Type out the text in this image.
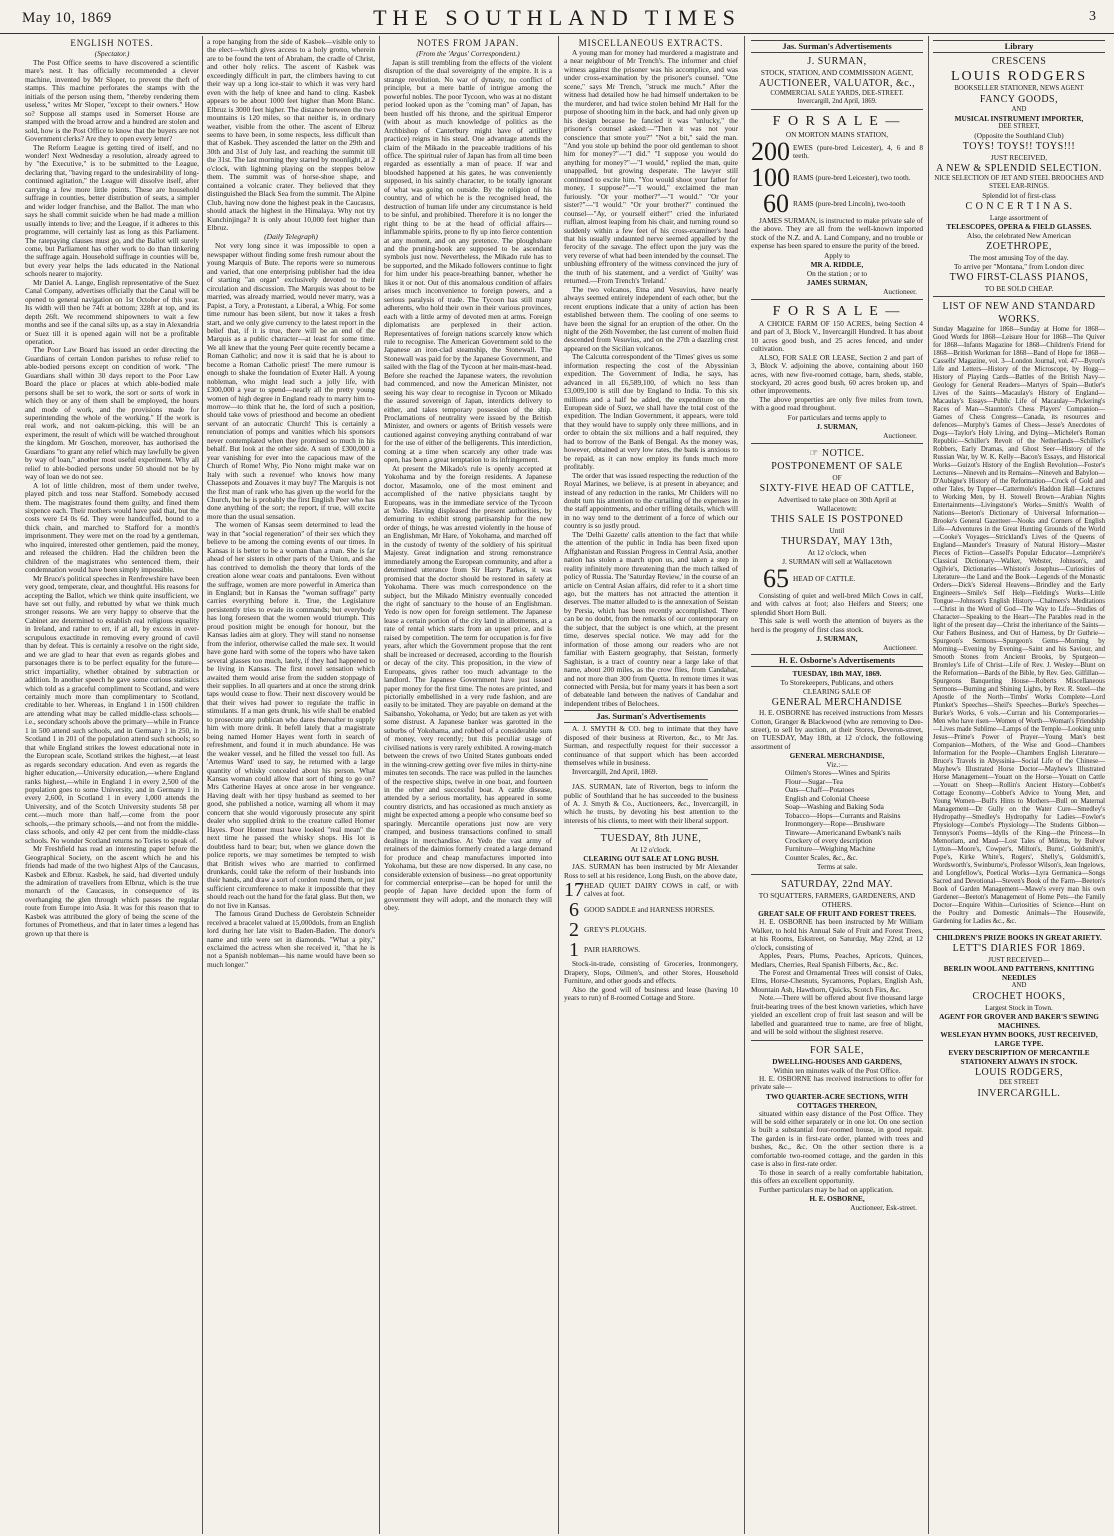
May 10, 1869	THE SOUTHLAND TIMES	3
ENGLISH NOTES.
(Spectator.)

The Post Office seems to have discovered a scientific mare's nest. It has officially recommended a clever machine, invented by Mr Sloper, to prevent the theft of stamps. This machine perforates the stamps with the initials of the person using them, "thereby rendering them useless," writes Mr Sloper, "except to their owners." How so? Suppose all stamps used in Somerset House are stamped with the broad arrow and a hundred are stolen and sold, how is the Post Office to know that the buyers are not Government clerks? Are they to open every letter?

The Reform League is getting tired of itself, and no wonder! Next Wednesday a resolution, already agreed to by "the Executive," is to be submitted to the League, declaring that, "having regard to the undesirability of long-continued agitation," the League will dissolve itself, after carrying a few more little points. These are household suffrage in counties, better distribution of seats, a simpler and wider lodger franchise, and the Ballot. The man who says he shall commit suicide when he had made a million usually intends to live; and the League, if it adheres to this programme, will certainly last as long as this Parliament. The ratepaying clauses must go, and the Ballot will surely come, but Parliament has other work to do than tinkering the suffrage again. Household suffrage in counties will be, but every year helps the lads educated in the National schools nearer to majority.

Mr Daniel A. Lange, English representative of the Suez Canal Company, advertises officially that the Canal will be opened to general navigation on 1st October of this year. Its width will then be 74ft at bottom; 328ft at top, and its depth 26ft. We recommend shipowners to wait a few months and see if the canal silts up, as a stay in Alexandria or Suez till it is opened again will not be a profitable operation.

The Poor Law Board has issued an order directing the Guardians of certain London parishes to refuse relief to able-bodied persons except on condition of work. "The Guardians shall within 30 days report to the Poor Law Board the place or places at which able-bodied male persons shall be set to work, the sort or sorts of work in which they or any of them shall be employed, the hours and mode of work, and the provisions made for superintending the whole of the working." If the work is real work, and not oakum-picking, this will be an experiment, the result of which will be watched throughout the kingdom. Mr Goschen, moreover, has authorised the Guardians "to grant any relief which may lawfully be given by way of loan," another most useful experiment. Why all relief to able-bodied persons under 50 should not be by way of loan we do not see.

A lot of little children, most of them under twelve, played pitch and toss near Stafford. Somebody accused them. The magistrates found them guilty, and fined them sixpence each. Their mothers would have paid that, but the costs were £4 0s 6d. They were handcuffed, bound to a thick chain, and marched to Stafford for a month's imprisonment. They were met on the road by a gentleman, who inquired, interested other gentlemen, paid the money, and released the children. Had the children been the children of the magistrates who sentenced them, their condemnation would have been simply impossible.

Mr Bruce's political speeches in Renfrewshire have been very good, temperate, clear, and thoughtful. His reasons for accepting the Ballot, which we think quite insufficient, we have set out fully, and rebutted by what we think much stronger reasons. We are very happy to observe that the Cabinet are determined to establish real religious equality in Ireland, and rather to err, if at all, by excess in over-scrupulous exactitude in removing every ground of cavil than by defeat. This is certainly a resolve on the right side, and we are glad to hear that even as regards globes and parsonages there is to be perfect equality for the future—strict impartiality, whether obtained by subtraction or addition. In another speech he gave some curious statistics which told as a graceful compliment to Scotland, and were certainly much more than complimentary to Scotland, creditable to her. Whereas, in England 1 in 1500 children are attending what may be called middle-class schools—i.e., secondary schools above the primary—while in France 1 in 500 attend such schools, and in Germany 1 in 250, in Scotland 1 in 201 of the population attend such schools; so that while England strikes the lowest educational note in the European scale, Scotland strikes the highest,—at least as regards secondary education. And even as regards the higher education,—University education,—where England ranks highest,—while in England 1 in every 2,500 of the population goes to some University, and in Germany 1 in every 2,600, in Scotland 1 in every 1,000 attends the University, and of the Scotch University students 58 per cent.—much more than half,—come from the poor schools,—the primary schools,—and not from the middle-class schools, and only 42 per cent from the middle-class schools. No wonder Scotland returns no Tories to speak of.

Mr Freshfield has read an interesting paper before the Geographical Society, on the ascent which he and his friends had made of the two highest Alps of the Caucasus, Kasbek and Elbruz. Kasbek, he said, had diverted unduly the admiration of travellers from Elbruz, which is the true monarch of the Caucasus, in consequence of its overhanging the glen through which passes the regular route from Europe into Asia. It was for this reason that to Kasbek was attributed the glory of being the scene of the fortunes of Prometheus, and that in later times a legend has grown up that there is

a rope hanging from the side of Kasbek—visible only to the elect—which gives access to a holy grotto, wherein are to be found the tent of Abraham, the cradle of Christ, and other holy relics. The ascent of Kasbek was exceedingly difficult in part, the climbers having to cut their way up a long ice-stair to which it was very hard even with the help of knee and hand to cling. Kasbek appears to be about 1000 feet higher than Mont Blanc. Elbruz is 3000 feet higher. The distance between the two mountains is 120 miles, so that neither is, in ordinary weather, visible from the other. The ascent of Elbruz seems to have been, in some respects, less difficult than that of Kasbek. They ascended the latter on the 29th and 30th and 31st of July last, and reaching the summit till the 31st. The last morning they started by moonlight, at 2 o'clock, with lightning playing on the steppes below them. The summit was of horse-shoe shape, and contained a volcanic crater. They believed that they distinguished the Black Sea from the summit. The Alpine Club, having now done the highest peak in the Caucasus, should attack the highest in the Himalaya. Why not try Kunchinjinga? It is only about 10,000 feet higher than Elbruz.

(Daily Telegraph)

Not very long since it was impossible to open a newspaper without finding some fresh rumour about the young Marquis of Bute. The reports were so numerous and varied, that one enterprising publisher had the idea of starting "an organ" exclusively devoted to their circulation and discussion. The Marquis was about to be married, was already married, would never marry, was a Papist, a Tory, a Protestant, a Liberal, a Whig. For some time rumour has been silent, but now it takes a fresh start, and we only give currency to the latest report in the belief that, if it is true, there will be an end of the Marquis as a public character—at least for some time. We all knew that the young Peer quite recently became a Roman Catholic; and now it is said that he is about to become a Roman Catholic priest! The mere rumour is enough to shake the foundation of Exeter Hall. A young nobleman, who might lead such a jolly life, with £300,000 a year to spend—nearly all the pretty young women of high degree in England ready to marry him to-morrow—to think that he, the lord of such a position, should take vows of priesthood and become an obedient servant of an autocratic Church! This is certainly a renunciation of pomps and vanities which his sponsors never contemplated when they promised so much in his behalf. But look at the other side. A sum of £300,000 a year vanishing for ever into the capacious maw of the Church of Rome! Why, Pio Nono might make war on Italy with such a revenue! who knows how many Chassepots and Zouaves it may buy? The Marquis is not the first man of rank who has given up the world for the Church, but he is probably the first English Peer who has done anything of the sort; the report, if true, will excite more than the usual sensation.

The women of Kansas seem determined to lead the way in that "social regeneration" of their sex which they believe to be among the coming events of our times. In Kansas it is better to be a woman than a man. She is far ahead of her sisters in other parts of the Union, and she has contrived to demolish the theory that lords of the creation alone wear coats and pantaloons. Even without the suffrage, women are more powerful in America than in England; but in Kansas the "woman suffrage" party carries everything before it. True, the Legislature persistently tries to evade its commands; but everybody has long foreseen that the women would triumph. This proud position might be enough for honour, but the Kansas ladies aim at glory. They will stand no nonsense from the inferior, otherwise called the male sex. It would have gone hard with some of the topers who have taken several glasses too much, lately, if they had happened to be living in Kansas. The first novel sensation which awaited them would arise from the sudden stoppage of their supplies. In all quarters and at once the strong drink taps would cease to flow. Their next discovery would be that their wives had power to regulate the traffic in stimulants. If a man gets drunk, his wife shall be enabled to prosecute any publican who dares thereafter to supply him with more drink. It befell lately that a magistrate being named Homer Hayes went forth in search of refreshment, and found it in much abundance. He was the weaker vessel, and he filled the vessel too full. As 'Artemus Ward' used to say, he returned with a large quantity of whisky concealed about his person. What Kansas woman could allow that sort of thing to go on? Mrs Catherine Hayes at once arose in her vengeance. Having dealt with her tipsy husband as seemed to her good, she published a notice, warning all whom it may concern that she would vigorously prosecute any spirit dealer who supplied drink to the creature called Homer Hayes. Poor Homer must have looked "real mean" the next time he passed the whisky shops. His lot is doubtless hard to bear; but, when we glance down the police reports, we may sometimes be tempted to wish that British wives who are married to confirmed drunkards, could take the reform of their husbands into their hands, and draw a sort of cordon round them, or just sufficient circumference to make it impossible that they should reach out the hand for the fatal glass. But then, we do not live in Kansas.

The famous Grand Duchess de Gerolstein Schneider received a bracelet valued at 15,000dols, from an English lord during her late visit to Baden-Baden. The donor's name and title were set in diamonds. "What a pity," exclaimed the actress when she received it, "that he is not a Spanish nobleman—his name would have been so much longer."

NOTES FROM JAPAN.
(From the 'Argus' Correspondent.)

Japan is still trembling from the effects of the violent disruption of the dual sovereignty of the empire. It is a strange revolution. No war of dynasty, no conflict of principle, but a mere battle of intrigue among the powerful nobles. The poor Tycoon, who was at no distant period looked upon as the "coming man" of Japan, has been hustled off his throne, and the spiritual Emperor (with about as much knowledge of politics as the Archbishop of Canterbury might have of artillery practice) reigns in his stead. One advantage attends the claim of the Mikado in the peaceable traditions of his office. The spiritual ruler of Japan has from all time been regarded as essentially a man of peace. If war and bloodshed happened at his gates, he was conveniently supposed, in his saintly character, to be totally ignorant of what was going on outside. By the religion of his country, and of which he is the recognised head, the destruction of human life under any circumstance is held to be sinful, and prohibited. Therefore it is no longer the right thing to be at the head of official affairs—inflammable spirits, prone to fly up into fierce contention at any moment, and on any pretence. The ploughshare and the pruning-hook are supposed to be ascendant symbols just now. Nevertheless, the Mikado rule has to be supported, and the Mikado followers continue to fight for him under his peace-breathing banner, whether he likes it or not. Out of this anomalous condition of affairs arises much inconvenience to foreign powers, and a serious paralysis of trade. The Tycoon has still many adherents, who hold their own in their various provinces, each with a little army of devoted men at arms. Foreign diplomatists are perplexed in their action. Representatives of foreign nations scarcely know which rule to recognise. The American Government sold to the Japanese an iron-clad steamship, the Stonewall. The Stonewall was paid for by the Japanese Government, and sailed with the flag of the Tycoon at her main-mast-head. Before she reached the Japanese waters, the revolution had commenced, and now the American Minister, not seeing his way clear to recognise in Tycoon or Mikado the assured sovereign of Japan, interdicts delivery to either, and takes temporary possession of the ship. Proclamations of neutrality were issued by the British Minister, and owners or agents of British vessels were cautioned against conveying anything contraband of war for the use of either of the belligerents. This interdiction, coming at a time when scarcely any other trade was open, has been a great temptation to its infringement.

At present the Mikado's rule is openly accepted at Yokohama and by the foreign residents. A Japanese doctor, Masamolo, one of the most eminent and accomplished of the native physicians taught by Europeans, was in the immediate service of the Tycoon at Yedo. Having displeased the present authorities, by demurring to exhibit strong partisanship for the new order of things, he was arrested violently in the house of an Englishman, Mr Hare, of Yokohama, and marched off in the custody of twenty of the soldiery of his spiritual Majesty. Great indignation and strong remonstrance immediately among the European community, and after a determined utterance from Sir Harry Parkes, it was promised that the doctor should be restored in safety at Yokohama. There was much correspondence on the subject, but the Mikado Ministry eventually conceded the right of sanctuary to the house of an Englishman. Yedo is now open for foreign settlement. The Japanese lease a certain portion of the city land in allotments, at a rate of rental which starts from an upset price, and is raised by competition. The term for occupation is for five years, after which the Government propose that the rent shall be increased or decreased, according to the flourish or decay of the city. This proposition, in the view of Europeans, gives rather too much advantage to the landlord. The Japanese Government have just issued paper money for the first time. The notes are printed, and pictorially embellished in a very rude fashion, and are easily to be imitated. They are payable on demand at the Saibansho, Yokohama, or Yedo; but are taken as yet with some distrust. A Japanese banker was garotted in the suburbs of Yokohama, and robbed of a considerable sum of money, very recently; but this peculiar usage of civilised nations is very rarely exhibited. A rowing-match between the crews of two United States gunboats ended in the winning-crew getting over five miles in thirty-nine minutes ten seconds. The race was pulled in the launches of the respective ships, twelve in one boat, and fourteen in the other and successful boat. A cattle disease, attended by a serious mortality, has appeared in some country districts, and has occasioned as much anxiety as might be expected among a people who consume beef so sparingly. Mercantile operations just now are very cramped, and business transactions confined to small dealings in merchandise. At Yedo the vast army of retainers of the daimios formerly created a large demand for produce and cheap manufactures imported into Yokohama, but these are now dispersed. In any case, no considerable extension of business—no great opportunity for commercial enterprise—can be hoped for until the people of Japan have decided upon the form of government they will adopt, and the monarch they will obey.

MISCELLANEOUS EXTRACTS.

A young man for money had murdered a magistrate and a near neighbour of Mr Trench's. The informer and chief witness against the prisoner was his accomplice, and was under cross-examination by the prisoner's counsel. "One scene," says Mr Trench, "struck me much." After the witness had detailed how he had himself undertaken to be the murderer, and had twice stolen behind Mr Hall for the purpose of shooting him in the back, and had only given up his design because he fancied it was "unlucky," the prisoner's counsel asked:—"Then it was not your conscience that smote you?" "Not a bit," said the man. "And you stole up behind the poor old gentleman to shoot him for money?"—"I did." "I suppose you would do anything for money?"—"I would," replied the man, quite unappalled, but growing desperate. The lawyer still continued to excite him. "You would shoot your father for money, I suppose?"—"I would," exclaimed the man furiously. "Or your mother?"—"I would." "Or your sister?"—"I would." "Or your brother?" continued the counsel—"Ay, or yourself either!" cried the infuriated ruffian, almost leaping from his chair, and turning round so suddenly within a few feet of his cross-examiner's head that his usually undaunted nerve seemed appalled by the ferocity of the savage. The effect upon the jury was the very reverse of what had been intended by the counsel. The unblushing effrontery of the witness convinced the jury of the truth of his statement, and a verdict of 'Guilty' was returned.—From Trench's 'Ireland.'

The two volcanos, Etna and Vesuvius, have nearly always seemed entirely independent of each other, but the recent eruptions indicate that a unity of action has been established between them. The cooling of one seems to have been the signal for an eruption of the other. On the night of the 26th November, the last current of molten fluid descended from Vesuvius, and on the 27th a dazzling crest appeared on the Sicilian volcanos.

The Calcutta correspondent of the 'Times' gives us some information respecting the cost of the Abyssinian expedition. The Government of India, he says, has advanced in all £6,589,100, of which no less than £3,009,100 is still due by England to India. To this six millions and a half be added, the expenditure on the European side of Suez, we shall have the total cost of the expedition. The Indian Government, it appears, were told that they would have to supply only three millions, and in order to obtain the six millions and a half required, they had to borrow of the Bank of Bengal. As the money was, however, obtained at very low rates, the bank is anxious to be repaid, as it can now employ its funds much more profitably.

The order that was issued respecting the reduction of the Royal Marines, we believe, is at present in abeyance; and instead of any reduction in the ranks, Mr Childers will no doubt turn his attention to the curtailing of the expenses in the staff appointments, and other trifling details, which will in no way tend to the detriment of a force of which our country is so justly proud.

The 'Delhi Gazette' calls attention to the fact that while the attention of the public in India has been fixed upon Affghanistan and Russian Progress in Central Asia, another nation has stolen a march upon us, and taken a step in reality infinitely more threatening than the much talked of policy of Russia. The 'Saturday Review,' in the course of an article on Central Asian affairs, did refer to it a short time ago, but the matters has not attracted the attention it deserves. The matter alluded to is the annexation of Seistan by Persia, which has been recently accomplished. There can be no doubt, from the remarks of our contemporary on the subject, that the subject is one which, at the present time, deserves special notice. We may add for the information of those among our readers who are not familiar with Eastern geography, that Seistan, formerly Saghistan, is a tract of country near a large lake of that name, about 200 miles, as the crow flies, from Candahar, and not more than 300 from Quetta. In remote times it was connected with Persia, but for many years it has been a sort of debateable land between the natives of Candahar and independent tribes of Belochees.

Jas. Surman's Advertisements

A. J. SMYTH & CO. beg to intimate that they have disposed of their business at Riverton, &c., to Mr Jas. Surman, and respectfully request for their successor a continuance of that support which has been accorded themselves while in business.

Invercargill, 2nd April, 1869.

JAS. SURMAN, late of Riverton, begs to inform the public of Southland that he has succeeded to the business of A. J. Smyth & Co., Auctioneers, &c., Invercargill, in which he trusts, by devoting his best attention to the interests of his clients, to meet with their liberal support.

TUESDAY, 8th JUNE,
At 12 o'clock.
CLEARING OUT SALE AT LONG BUSH.

JAS. SURMAN has been instructed by Mr Alexander Ross to sell at his residence, Long Bush, on the above date,

17 HEAD QUIET DAIRY COWS in calf, or with calves at foot.
6 GOOD SADDLE and HARNESS HORSES.
2 GREY'S PLOUGHS.
1 PAIR HARROWS.

Stock-in-trade, consisting of Groceries, Ironmongery, Drapery, Slops, Oilmen's, and other Stores, Household Furniture, and other goods and effects.

Also the good will of business and lease (having 10 years to run) of 8-roomed Cottage and Store.

Jas. Surman's Advertisements
J. SURMAN,
STOCK, STATION, AND COMMISSION AGENT,
AUCTIONEER, VALUATOR, &c.,
COMMERCIAL SALE YARDS, DEE-STREET.
Invercargill, 2nd April, 1869.
F O R S A L E —
ON MORTON MAINS STATION,
200 EWES (pure-bred Leicester), 4, 6 and 8 teeth.
100 RAMS (pure-bred Leicester), two tooth.
60 RAMS (pure-bred Lincoln), two-tooth

JAMES SURMAN, is instructed to make private sale of the above. They are all from the well-known imported stock of the N.Z. and A. Land Company, and no trouble or expense has been spared to ensure the purity of the breed.

Apply to
MR A. RIDDLE,
On the station ; or to
JAMES SURMAN,
Auctioneer.
F O R S A L E —

A CHOICE FARM OF 150 ACRES, being Section 4 and part of 3, Block V., Invercargill Hundred. It has about 10 acres good bush, and 25 acres fenced, and under cultivation.

ALSO, FOR SALE OR LEASE, Section 2 and part of 3, Block V. adjoining the above, containing about 160 acres, with new five-roomed cottage, barn, sheds, stable, stockyard, 20 acres good bush, 60 acres broken up, and other improvements.

The above properties are only five miles from town, with a good road throughout.

For particulars and terms apply to
J. SURMAN,
Auctioneer.
☞ NOTICE.
POSTPONEMENT OF SALE
OF
SIXTY-FIVE HEAD OF CATTLE,
Advertised to take place on 30th April at
Wallacetown:
THIS SALE IS POSTPONED
Until
THURSDAY, MAY 13th,
At 12 o'clock, when
J. SURMAN will sell at Wallacetown
65 HEAD OF CATTLE.

Consisting of quiet and well-bred Milch Cows in calf, and with calves at foot; also Heifers and Steers; one splendid Short Horn Bull.

This sale is well worth the attention of buyers as the herd is the progeny of first class stock.

J. SURMAN,
Auctioneer.
H. E. Osborne's Advertisements
TUESDAY, 18th MAY, 1869.
To Storekeepers, Publicans, and others
CLEARING SALE OF
GENERAL MERCHANDISE

H. E. OSBORNE has received instructions from Messrs Cotton, Granger & Blackwood (who are removing to Dee-street), to sell by auction, at their Stores, Deveron-street, on TUESDAY, May 18th, at 12 o'clock, the following assortment of

GENERAL MERCHANDISE,
Viz.:—
Oilmen's Stores—Wines and Spirits
Flour—Sugar—Tea
Oats—Chaff—Potatoes
English and Colonial Cheese
Soap—Washing and Baking Soda
Tobacco—Hops—Currants and Raisins
Ironmongery—Rope—Brushware
Tinware—Americanand Ewbank's nails
Crockery of every description
Furniture—Weighing Machine
Counter Scales, &c., &c.
Terms at sale.
SATURDAY, 22nd MAY.
TO SQUATTERS, FARMERS, GARDENERS, AND OTHERS.
GREAT SALE OF FRUIT AND FOREST TREES.

H. E. OSBORNE has been instructed by Mr William Walker, to hold his Annual Sale of Fruit and Forest Trees, at his Rooms, Eskstreet, on Saturday, May 22nd, at 12 o'clock, consisting of

Apples, Pears, Plums, Peaches, Apricots, Quinces, Medlars, Cherries, Real Spanish Filberts, &c., &c.

The Forest and Ornamental Trees will consist of Oaks, Elms, Horse-Chesnuts, Sycamores, Poplars, English Ash, Mountain Ash, Hawthorn, Quicks, Scotch Firs, &c.

Note.—There will be offered about five thousand large fruit-bearing trees of the best known varieties, which have yielded an excellent crop of fruit last season and will be labelled and guaranteed true to name, are free of blight, and will be sold without the slightest reserve.

FOR SALE,
DWELLING-HOUSES AND GARDENS,
Within ten minutes walk of the Post Office.

H. E. OSBORNE has received instructions to offer for private sale—

TWO QUARTER-ACRE SECTIONS, WITH COTTAGES THEREON,

situated within easy distance of the Post Office. They will be sold either separately or in one lot. On one section is built a substantial four-roomed house, in good repair. The garden is in first-rate order, planted with trees and bushes, &c., &c. On the other section there is a comfortable two-roomed cottage, and the garden in this case is also in first-rate order.

To those in search of a really comfortable habitation, this offers an excellent opportunity.

Further particulars may be had on application.

H. E. OSBORNE,
Auctioneer, Esk-street.
Library
CRESCENS
LOUIS RODGERS
BOOKSELLER STATIONER, NEWS AGENT
FANCY GOODS,
AND
MUSICAL INSTRUMENT IMPORTER,
DEE STREET,
(Opposite the Southland Club)
TOYS! TOYS!! TOYS!!!
JUST RECEIVED,
A NEW & SPLENDID SELECTION.
NICE SELECTION OF JET AND STEEL BROOCHES AND STEEL EAR-RINGS.
Splendid lot of first-class
C O N C E R T I N A S.
Large assortment of
TELESCOPES, OPERA & FIELD GLASSES.
Also, the celebrated New American
ZOETHROPE,
The most amusing Toy of the day.
To arrive per "Montana," from London direc
TWO FIRST-CLASS PIANOS,
TO BE SOLD CHEAP.
LIST OF NEW AND STANDARD WORKS.

Sunday Magazine for 1868—Sunday at Home for 1868—Good Words for 1868—Leisure Hour for 1868—The Quiver for 1868—Infants Magazine for 1868—Children's Friend for 1868—British Workman for 1868—Band of Hope for 1868—Cassells' Magazine, vol. 3—London Journal, vol. 47—Byron's Life and Letters—History of the Microscope, by Hogg—History of Playing Cards—Battles of the British Navy—Geology for General Readers—Martyrs of Spain—Butler's Lives of the Saints—Macaulay's History of England—Macaulay's Essays—Public Life of Macaulay—Pickering's Races of Man—Staunton's Chess Players' Companion—Games of Chess Congress—Canada, its resources and defences—Murphy's Games of Chess—Jesse's Anecdotes of Dogs—Taylor's Holy Living, and Dying—Michelet's Roman Republic—Schiller's Revolt of the Netherlands—Schiller's Robbers, Early Dramas, and Ghost Seer—History of the Russian War, by W. K. Kelly—Bacon's Essays, and Historical Works—Guizot's History of the English Revolution—Foster's Lectures—Nineveh and its Remains—Nineveh and Babylon—D'Aubigne's History of the Reformation—Crock of Gold and other Tales, by Tupper—Cattermole's Haddon Hall—Lectures to Working Men, by H. Stowell Brown—Arabian Nights Entertainments—Livingstone's Works—Smith's Wealth of Nations—Beeton's Dictionary of Universal Information—Brooke's General Gazetteer—Nooks and Corners of English Life—Adventures in the Great Hunting Grounds of the World—Cooke's Voyages—Strickland's Lives of the Queens of England—Maunder's Treasury of Natural History—Master Pieces of Fiction—Cassell's Popular Educator—Lemprière's Classical Dictionary—Walker, Webster, Johnson's, and Ogilvie's, Dictionaries—Whiston's Josephus—Curiosities of Literature—the Land and the Book—Legends of the Monastic Orders—Dick's Sidereal Heavens—Brindley and the Early Engineers—Smile's Self Help—Fielding's Works—Little Tongue—Johnson's English History—Chalmers's Meditations—Christ in the Word of God—The Way to Life—Studies of Character—Speaking to the Heart—The Parables read in the light of the present day—Christ the inheritance of the Saints—Our Fathers Business, and Out of Harness, by Dr Guthrie—Spurgeon's Sermons—Spurgeon's Gems—Morning by Morning—Evening by Evening—Saint and his Saviour, and Smooth Stones from Ancient Brooks, by Spurgeon—Bromley's Life of Christ—Life of Rev. J. Wesley—Blunt on the Reformation—Bards of the Bible, by Rev. Geo. Gilfillan—Spurgeons Banqueting House—Roberts Miscellaneous Sermons—Burning and Shining Lights, by Rev. R. Steel—the Apostle of the North—Timbs' Works Complete—Lord Plunket's Speeches—Sheil's Speeches—Burke's Speeches—Burke's Works, 6 vols.—Curran and his Contemporaries—Men who have risen—Women of Worth—Woman's Friendship—Lives made Sublime—Lamps of the Temple—Looking unto Jesus—Prime's Power of Prayer—Young Man's best Companion—Mothers, of the Wise and Good—Chambers Information for the People—Chambers English Literature—Bruce's Travels in Abyssinia—Social Life of the Chinese—Mayhew's Illustrated Horse Doctor—Mayhew's Illustrated Horse Management—Youatt on the Horse—Youatt on Cattle—Youatt on Sheep—Rollin's Ancient History—Cobbett's Cottage Economy—Cobbet's Advice to Young Men, and Young Women—Bull's Hints to Mothers—Bull on Maternal Management—Dr Gully on the Water Cure—Smedley's Hydropathy—Smedley's Hydropathy for Ladies—Fowler's Physiology—Combe's Physiology—The Students Gibbon—Tennyson's Poems—Idylls of the King—the Princess—In Memoriam, and Maud—Lost Tales of Miletus, by Bulwer Lytton—Moore's, Cowper's, Milton's, Burns', Goldsmith's, Pope's, Kirke White's, Rogers', Shelly's, Goldsmith's, Wordsworth's, Swinburne's, Professor Wilson's, Jean Ingelows, and Longfellow's, Poetical Works—Lyra Germanica—Songs Sacred and Devotional—Steven's Book of the Farm—Beeton's Book of Garden Management—Mawe's every man his own Gardener—Beeton's Management of Home Pets—the Family Doctor—Enquire Within—Curiosities of Science—Hunt on the Poultry and Domestic Animals—The Housewife, Gardening for Ladies &c., &c.

CHILDREN'S PRIZE BOOKS IN GREAT ARIETY.
LETT'S DIARIES FOR 1869.
JUST RECEIVED—
BERLIN WOOL AND PATTERNS, KNITTING NEEDLES
AND
CROCHET HOOKS,
Largest Stock in Town.
AGENT FOR GROVER AND BAKER'S SEWING MACHINES.
WESLEYAN HYMN BOOKS, JUST RECEIVED, LARGE TYPE.
EVERY DESCRIPTION OF MERCANTILE STATIONERY ALWAYS IN STOCK.
LOUIS RODGERS,
DEE STREET
INVERCARGILL.
